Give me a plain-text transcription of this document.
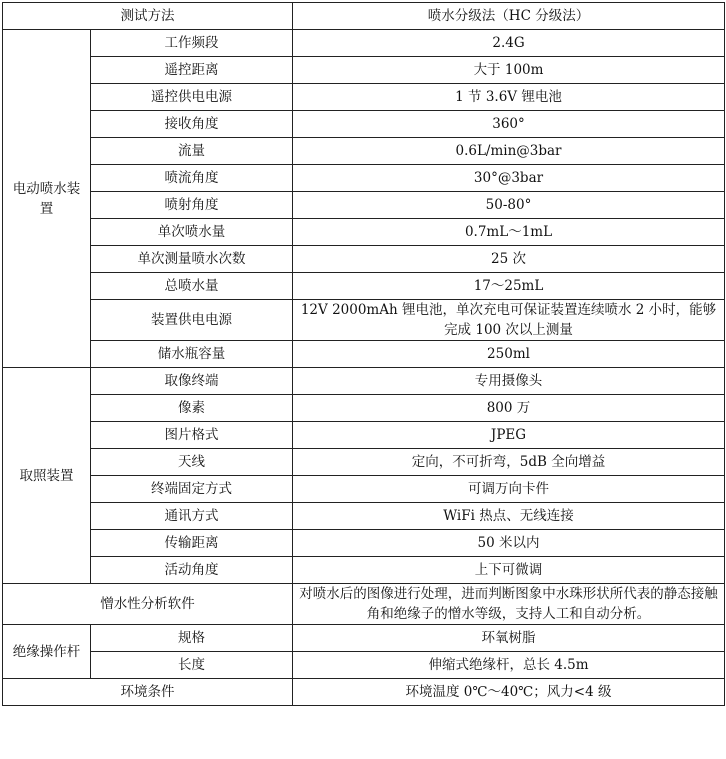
测试方法		喷水分级法（HC 分级法）
电动喷水装置	工作频段	2.4G
	遥控距离	大于 100m
	遥控供电电源	1 节 3.6V 锂电池
	接收角度	360°
	流量	0.6L/min@3bar
	喷流角度	30°@3bar
	喷射角度	50-80°
	单次喷水量	0.7mL～1mL
	单次测量喷水次数	25 次
	总喷水量	17～25mL
	装置供电电源	12V 2000mAh 锂电池，单次充电可保证装置连续喷水 2 小时，能够完成 100 次以上测量
	储水瓶容量	250ml
取照装置	取像终端	专用摄像头
	像素	800 万
	图片格式	JPEG
	天线	定向，不可折弯，5dB 全向增益
	终端固定方式	可调万向卡件
	通讯方式	WiFi 热点、无线连接
	传输距离	50 米以内
	活动角度	上下可微调
憎水性分析软件		对喷水后的图像进行处理，进而判断图象中水珠形状所代表的静态接触角和绝缘子的憎水等级，支持人工和自动分析。
绝缘操作杆	规格	环氧树脂
	长度	伸缩式绝缘杆，总长 4.5m
环境条件		环境温度 0℃～40℃；风力<4 级
